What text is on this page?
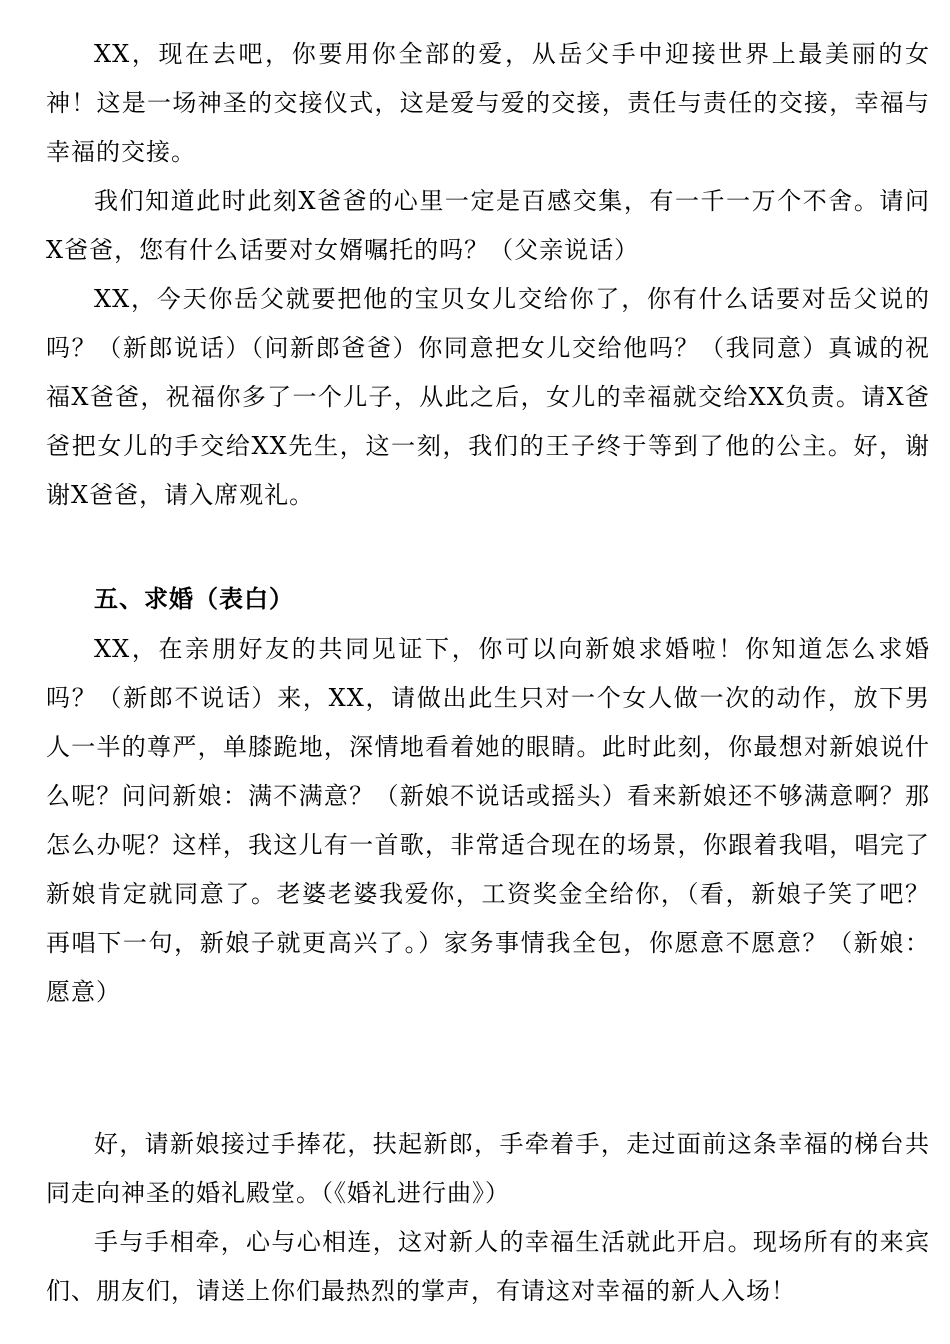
XX，现在去吧，你要用你全部的爱，从岳父手中迎接世界上最美丽的女神！这是一场神圣的交接仪式，这是爱与爱的交接，责任与责任的交接，幸福与幸福的交接。

我们知道此时此刻X爸爸的心里一定是百感交集，有一千一万个不舍。请问X爸爸，您有什么话要对女婿嘱托的吗？（父亲说话）

XX，今天你岳父就要把他的宝贝女儿交给你了，你有什么话要对岳父说的吗？（新郎说话）（问新郎爸爸）你同意把女儿交给他吗？（我同意）真诚的祝福X爸爸，祝福你多了一个儿子，从此之后，女儿的幸福就交给XX负责。请X爸爸把女儿的手交给XX先生，这一刻，我们的王子终于等到了他的公主。好，谢谢X爸爸，请入席观礼。

五、求婚（表白）

XX，在亲朋好友的共同见证下，你可以向新娘求婚啦！你知道怎么求婚吗？（新郎不说话）来，XX，请做出此生只对一个女人做一次的动作，放下男人一半的尊严，单膝跪地，深情地看着她的眼睛。此时此刻，你最想对新娘说什么呢？问问新娘：满不满意？（新娘不说话或摇头）看来新娘还不够满意啊？那怎么办呢？这样，我这儿有一首歌，非常适合现在的场景，你跟着我唱，唱完了新娘肯定就同意了。老婆老婆我爱你，工资奖金全给你，（看，新娘子笑了吧？再唱下一句，新娘子就更高兴了。）家务事情我全包，你愿意不愿意？（新娘：愿意）

好，请新娘接过手捧花，扶起新郎，手牵着手，走过面前这条幸福的梯台共同走向神圣的婚礼殿堂。（《婚礼进行曲》）

手与手相牵，心与心相连，这对新人的幸福生活就此开启。现场所有的来宾们、朋友们，请送上你们最热烈的掌声，有请这对幸福的新人入场！
